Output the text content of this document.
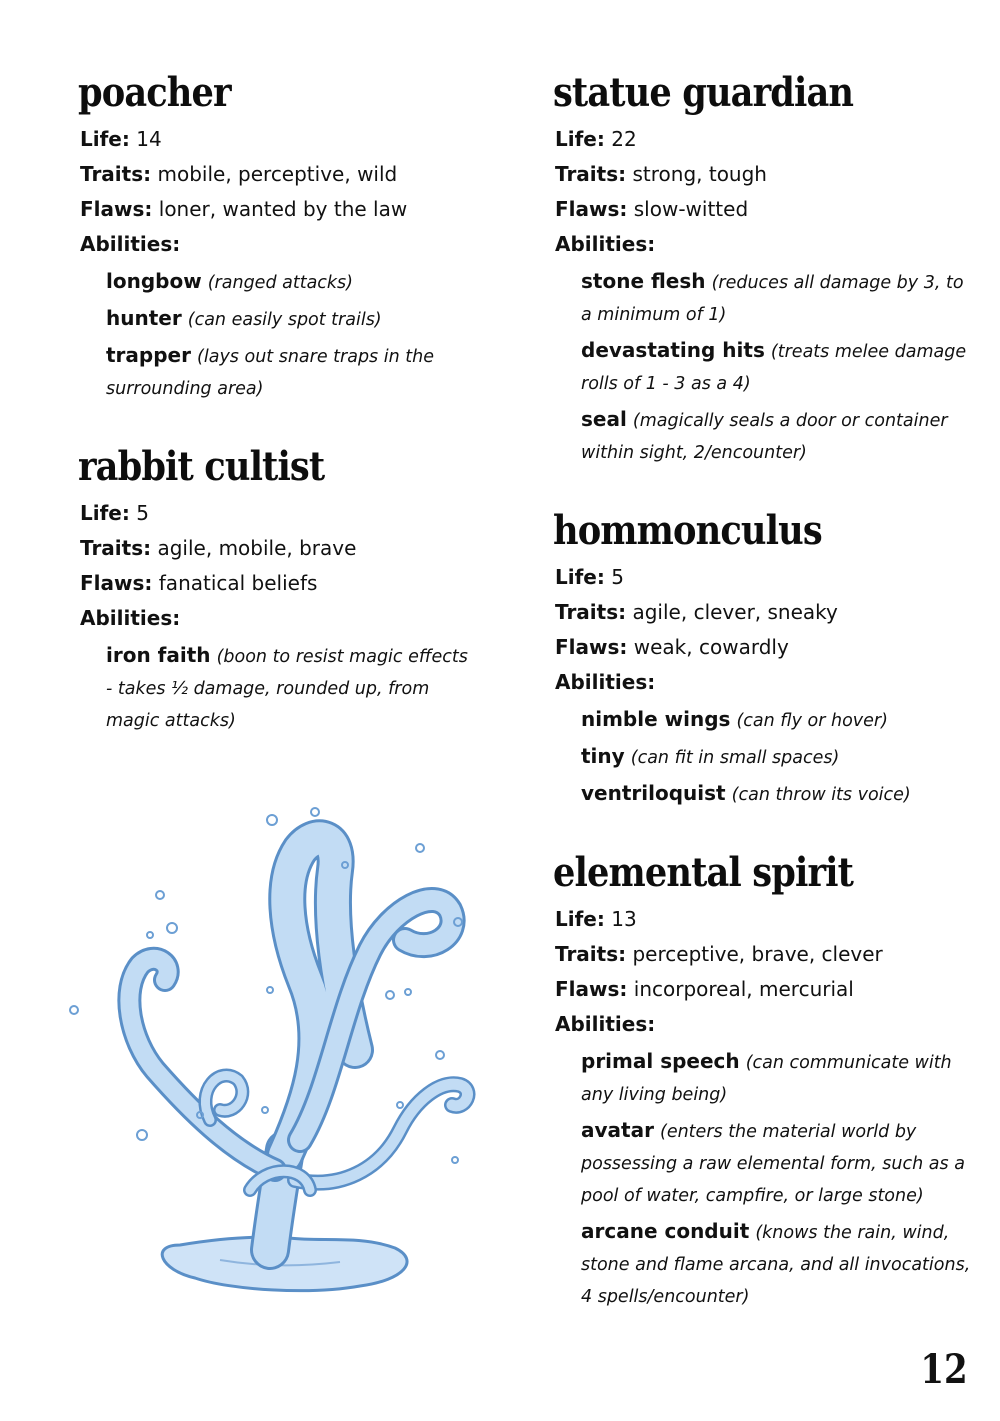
poacher
Life: 14
Traits: mobile, perceptive, wild
Flaws: loner, wanted by the law
Abilities:
longbow (ranged attacks)
hunter (can easily spot trails)
trapper (lays out snare traps in the surrounding area)
rabbit cultist
Life: 5
Traits: agile, mobile, brave
Flaws: fanatical beliefs
Abilities:
iron faith (boon to resist magic effects - takes ½ damage, rounded up, from magic attacks)
statue guardian
Life: 22
Traits: strong, tough
Flaws: slow-witted
Abilities:
stone flesh (reduces all damage by 3, to a minimum of 1)
devastating hits (treats melee damage rolls of 1 - 3 as a 4)
seal (magically seals a door or container within sight, 2/encounter)
hommonculus
Life: 5
Traits: agile, clever, sneaky
Flaws: weak, cowardly
Abilities:
nimble wings (can fly or hover)
tiny (can fit in small spaces)
ventriloquist (can throw its voice)
elemental spirit
Life: 13
Traits: perceptive, brave, clever
Flaws: incorporeal, mercurial
Abilities:
primal speech (can communicate with any living being)
avatar (enters the material world by possessing a raw elemental form, such as a pool of water, campfire, or large stone)
arcane conduit (knows the rain, wind, stone and flame arcana, and all invocations, 4 spells/encounter)
12
